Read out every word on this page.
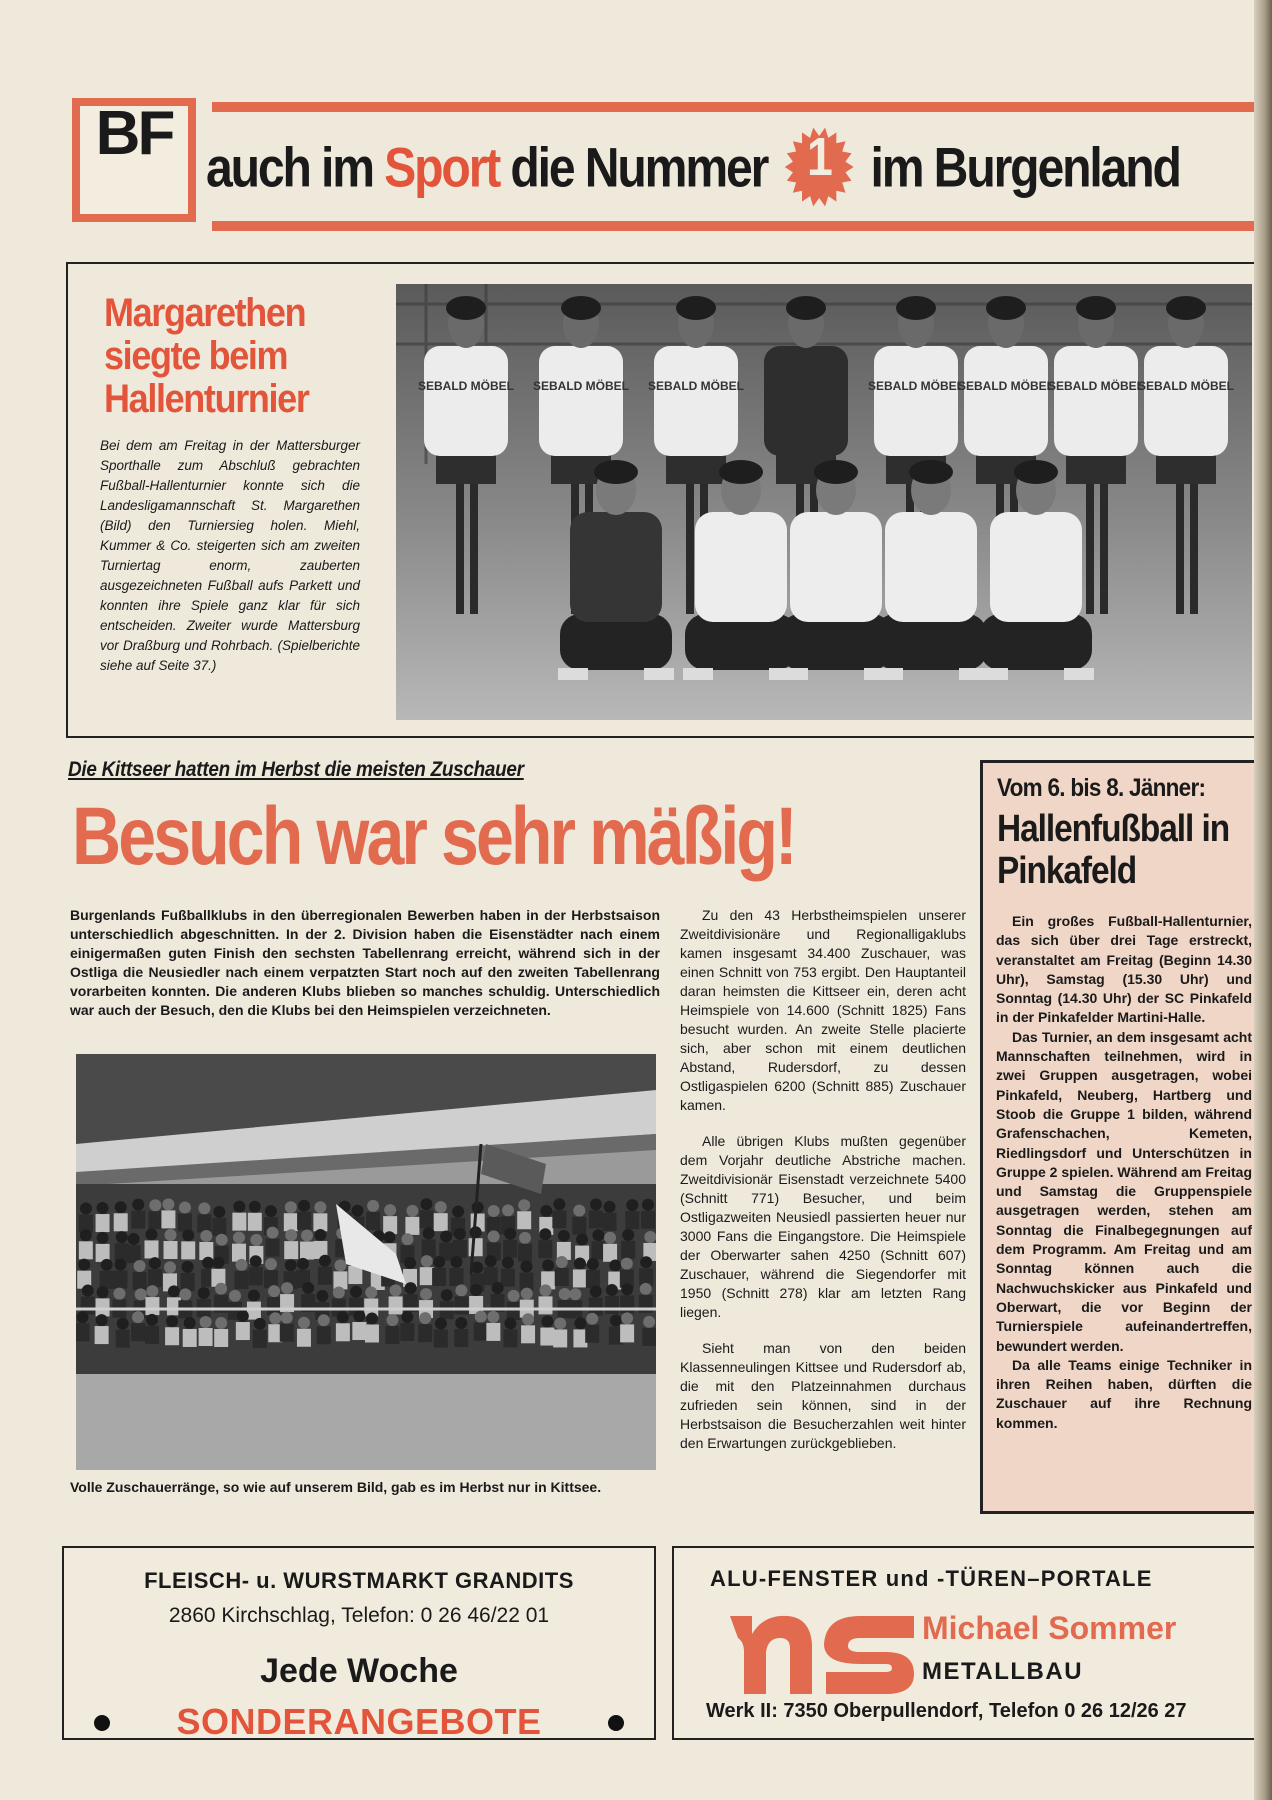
BF auch im Sport die Nummer 1 im Burgenland
Margarethen siegte beim Hallenturnier
Bei dem am Freitag in der Mattersburger Sporthalle zum Abschluß gebrachten Fußball-Hallenturnier konnte sich die Landesligamannschaft St. Margarethen (Bild) den Turniersieg holen. Miehl, Kummer & Co. steigerten sich am zweiten Turniertag enorm, zauberten ausgezeichneten Fußball aufs Parkett und konnten ihre Spiele ganz klar für sich entscheiden. Zweiter wurde Mattersburg vor Draßburg und Rohrbach. (Spielberichte siehe auf Seite 37.)
SEBALD MÖBEL SEBALD MÖBEL SEBALD MÖBEL	SEBALD MÖBEL
SEBALD MÖBEL
SEBALD MÖBEL
SEBALD MÖBEL
Die Kittseer hatten im Herbst die meisten Zuschauer
Besuch war sehr mäßig!
Burgenlands Fußballklubs in den überregionalen Bewerben haben in der Herbstsaison unterschiedlich abgeschnitten. In der 2. Division haben die Eisenstädter nach einem einigermaßen guten Finish den sechsten Tabellenrang erreicht, während sich in der Ostliga die Neusiedler nach einem verpatzten Start noch auf den zweiten Tabellenrang vorarbeiten konnten. Die anderen Klubs blieben so manches schuldig. Unterschiedlich war auch der Besuch, den die Klubs bei den Heimspielen verzeichneten.
Volle Zuschauerränge, so wie auf unserem Bild, gab es im Herbst nur in Kittsee.

Zu den 43 Herbstheimspielen unserer Zweitdivisionäre und Regionalligaklubs kamen insgesamt 34.400 Zuschauer, was einen Schnitt von 753 ergibt. Den Hauptanteil daran heimsten die Kittseer ein, deren acht Heimspiele von 14.600 (Schnitt 1825) Fans besucht wurden. An zweite Stelle placierte sich, aber schon mit einem deutlichen Abstand, Rudersdorf, zu dessen Ostligaspielen 6200 (Schnitt 885) Zuschauer kamen.

Alle übrigen Klubs mußten gegenüber dem Vorjahr deutliche Abstriche machen. Zweitdivisionär Eisenstadt verzeichnete 5400 (Schnitt 771) Besucher, und beim Ostligazweiten Neusiedl passierten heuer nur 3000 Fans die Eingangstore. Die Heimspiele der Oberwarter sahen 4250 (Schnitt 607) Zuschauer, während die Siegendorfer mit 1950 (Schnitt 278) klar am letzten Rang liegen.

Sieht man von den beiden Klassenneulingen Kittsee und Rudersdorf ab, die mit den Platzeinnahmen durchaus zufrieden sein können, sind in der Herbstsaison die Besucherzahlen weit hinter den Erwartungen zurückgeblieben.

Vom 6. bis 8. Jänner:
Hallenfußball in Pinkafeld

Ein großes Fußball-Hallenturnier, das sich über drei Tage erstreckt, veranstaltet am Freitag (Beginn 14.30 Uhr), Samstag (15.30 Uhr) und Sonntag (14.30 Uhr) der SC Pinkafeld in der Pinkafelder Martini-Halle.

Das Turnier, an dem insgesamt acht Mannschaften teilnehmen, wird in zwei Gruppen ausgetragen, wobei Pinkafeld, Neuberg, Hartberg und Stoob die Gruppe 1 bilden, während Grafenschachen, Kemeten, Riedlingsdorf und Unterschützen in Gruppe 2 spielen. Während am Freitag und Samstag die Gruppenspiele ausgetragen werden, stehen am Sonntag die Finalbegegnungen auf dem Programm. Am Freitag und am Sonntag können auch die Nachwuchskicker aus Pinkafeld und Oberwart, die vor Beginn der Turnierspiele aufeinandertreffen, bewundert werden.

Da alle Teams einige Techniker in ihren Reihen haben, dürften die Zuschauer auf ihre Rechnung kommen.

FLEISCH- u. WURSTMARKT GRANDITS
2860 Kirchschlag, Telefon: 0 26 46/22 01
Jede Woche
SONDERANGEBOTE
ALU-FENSTER und -TÜREN–PORTALE
Michael Sommer
METALLBAU
Werk II: 7350 Oberpullendorf, Telefon 0 26 12/26 27
